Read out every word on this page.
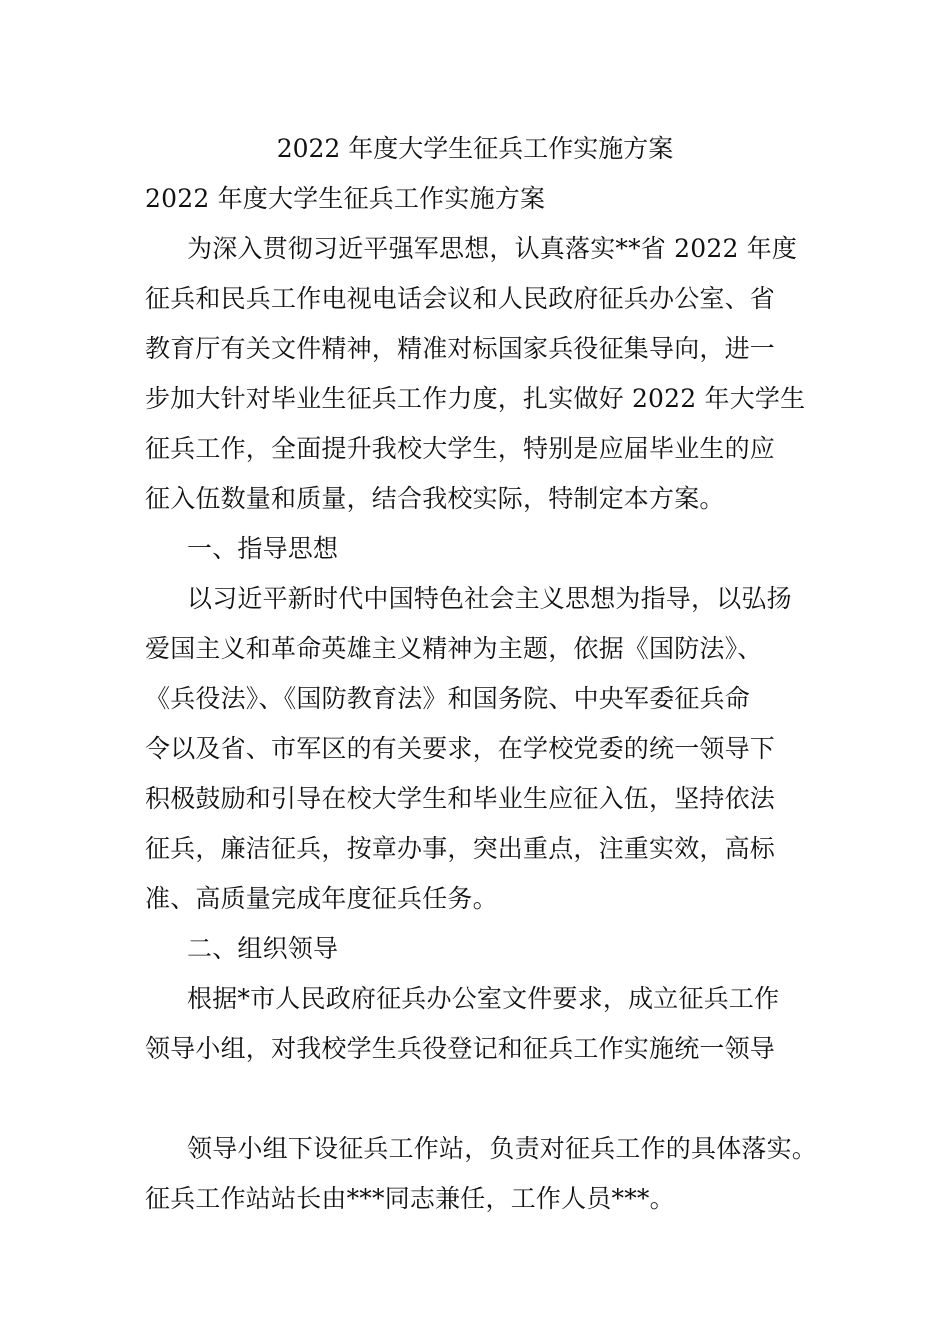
2022 年度大学生征兵工作实施方案
2022 年度大学生征兵工作实施方案
为深入贯彻习近平强军思想，认真落实**省 2022 年度
征兵和民兵工作电视电话会议和人民政府征兵办公室、省
教育厅有关文件精神，精准对标国家兵役征集导向，进一
步加大针对毕业生征兵工作力度，扎实做好 2022 年大学生
征兵工作，全面提升我校大学生，特别是应届毕业生的应
征入伍数量和质量，结合我校实际，特制定本方案。
一、指导思想
以习近平新时代中国特色社会主义思想为指导，以弘扬
爱国主义和革命英雄主义精神为主题，依据《国防法》、
《兵役法》、《国防教育法》和国务院、中央军委征兵命
令以及省、市军区的有关要求，在学校党委的统一领导下
积极鼓励和引导在校大学生和毕业生应征入伍，坚持依法
征兵，廉洁征兵，按章办事，突出重点，注重实效，高标
准、高质量完成年度征兵任务。
二、组织领导
根据*市人民政府征兵办公室文件要求，成立征兵工作
领导小组，对我校学生兵役登记和征兵工作实施统一领导
领导小组下设征兵工作站，负责对征兵工作的具体落实。
征兵工作站站长由***同志兼任，工作人员***。
